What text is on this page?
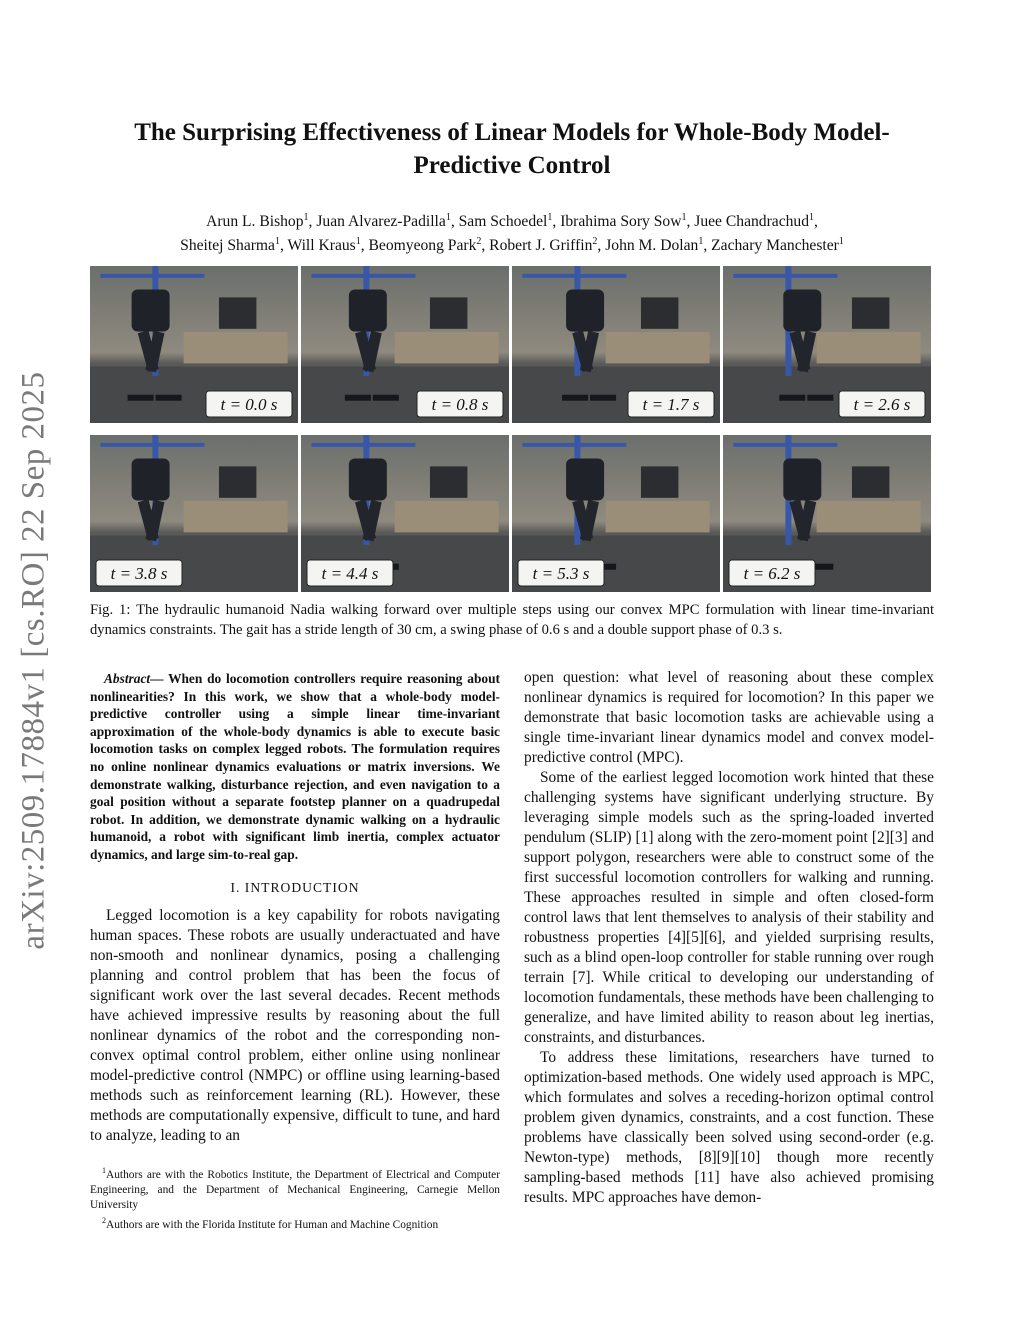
arXiv:2509.17884v1 [cs.RO] 22 Sep 2025
The Surprising Effectiveness of Linear Models for Whole-Body Model-Predictive Control
Arun L. Bishop$^1$, Juan Alvarez-Padilla$^1$, Sam Schoedel$^1$, Ibrahima Sory Sow$^1$, Juee Chandrachud$^1$,
Sheitej Sharma$^1$, Will Kraus$^1$, Beomyeong Park$^2$, Robert J. Griffin$^2$, John M. Dolan$^1$, Zachary Manchester$^1$
t = 0.0 s	t = 0.8 s	t = 1.7 s	t = 2.6 s
t = 3.8 s	t = 4.4 s	t = 5.3 s	t = 6.2 s
Fig. 1: The hydraulic humanoid Nadia walking forward over multiple steps using our convex MPC formulation with linear time-invariant dynamics constraints. The gait has a stride length of 30 cm, a swing phase of 0.6 s and a double support phase of 0.3 s.

Abstract— When do locomotion controllers require reasoning about nonlinearities? In this work, we show that a whole-body model-predictive controller using a simple linear time-invariant approximation of the whole-body dynamics is able to execute basic locomotion tasks on complex legged robots. The formulation requires no online nonlinear dynamics evaluations or matrix inversions. We demonstrate walking, disturbance rejection, and even navigation to a goal position without a separate footstep planner on a quadrupedal robot. In addition, we demonstrate dynamic walking on a hydraulic humanoid, a robot with significant limb inertia, complex actuator dynamics, and large sim-to-real gap.

I. INTRODUCTION

Legged locomotion is a key capability for robots navigating human spaces. These robots are usually underactuated and have non-smooth and nonlinear dynamics, posing a challenging planning and control problem that has been the focus of significant work over the last several decades. Recent methods have achieved impressive results by reasoning about the full nonlinear dynamics of the robot and the corresponding non-convex optimal control problem, either online using nonlinear model-predictive control (NMPC) or offline using learning-based methods such as reinforcement learning (RL). However, these methods are computationally expensive, difficult to tune, and hard to analyze, leading to an

open question: what level of reasoning about these complex nonlinear dynamics is required for locomotion? In this paper we demonstrate that basic locomotion tasks are achievable using a single time-invariant linear dynamics model and convex model-predictive control (MPC).

Some of the earliest legged locomotion work hinted that these challenging systems have significant underlying structure. By leveraging simple models such as the spring-loaded inverted pendulum (SLIP) [1] along with the zero-moment point [2][3] and support polygon, researchers were able to construct some of the first successful locomotion controllers for walking and running. These approaches resulted in simple and often closed-form control laws that lent themselves to analysis of their stability and robustness properties [4][5][6], and yielded surprising results, such as a blind open-loop controller for stable running over rough terrain [7]. While critical to developing our understanding of locomotion fundamentals, these methods have been challenging to generalize, and have limited ability to reason about leg inertias, constraints, and disturbances.

To address these limitations, researchers have turned to optimization-based methods. One widely used approach is MPC, which formulates and solves a receding-horizon optimal control problem given dynamics, constraints, and a cost function. These problems have classically been solved using second-order (e.g. Newton-type) methods, [8][9][10] though more recently sampling-based methods [11] have also achieved promising results. MPC approaches have demon-

$^1$Authors are with the Robotics Institute, the Department of Electrical and Computer Engineering, and the Department of Mechanical Engineering, Carnegie Mellon University

$^2$Authors are with the Florida Institute for Human and Machine Cognition
